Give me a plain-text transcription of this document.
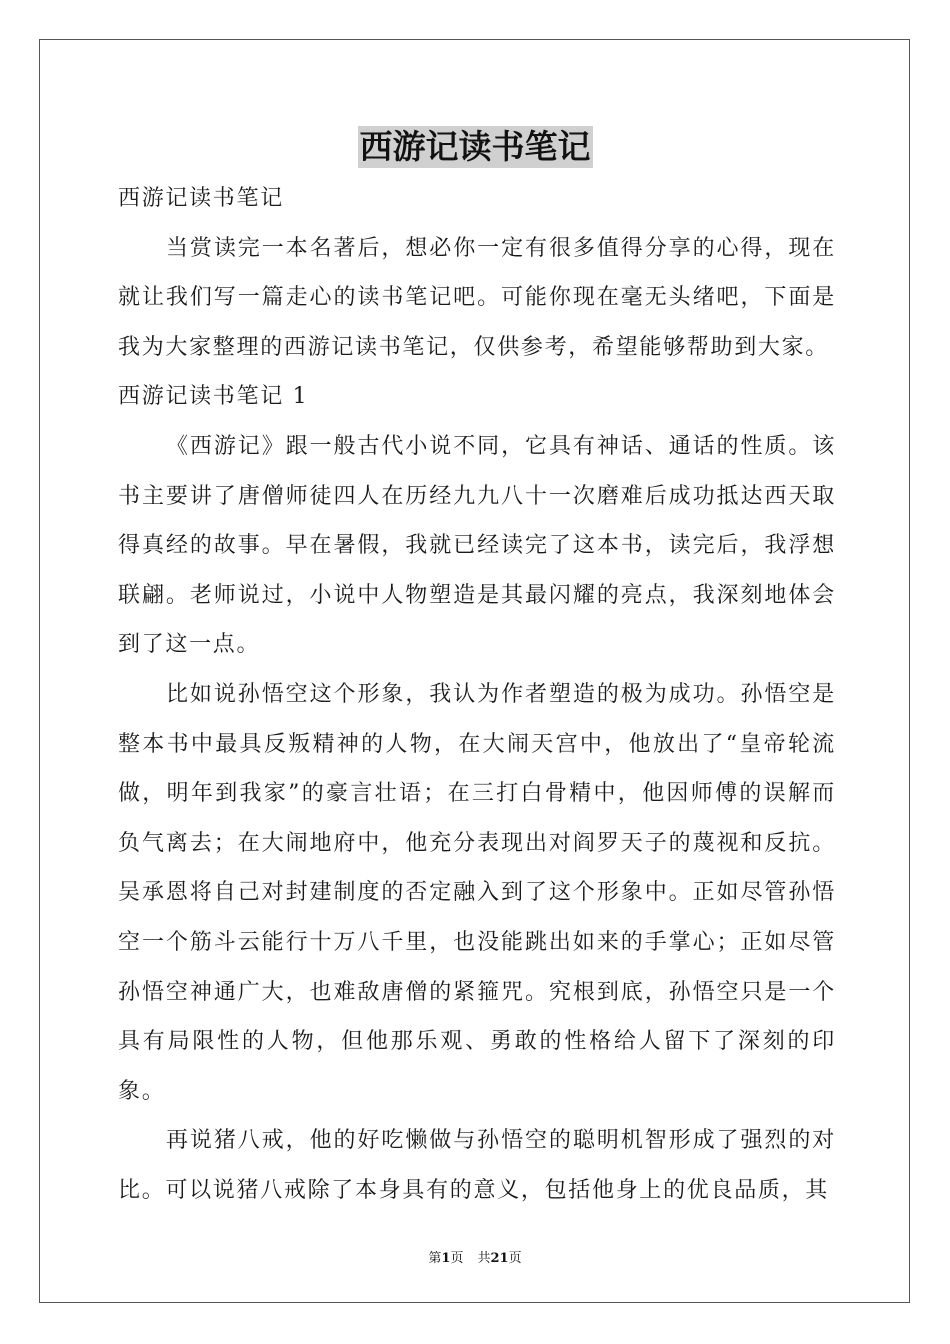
西游记读书笔记

西游记读书笔记

当赏读完一本名著后，想必你一定有很多值得分享的心得，现在就让我们写一篇走心的读书笔记吧。可能你现在毫无头绪吧，下面是我为大家整理的西游记读书笔记，仅供参考，希望能够帮助到大家。

西游记读书笔记 1

《西游记》跟一般古代小说不同，它具有神话、通话的性质。该书主要讲了唐僧师徒四人在历经九九八十一次磨难后成功抵达西天取得真经的故事。早在暑假，我就已经读完了这本书，读完后，我浮想联翩。老师说过，小说中人物塑造是其最闪耀的亮点，我深刻地体会到了这一点。

比如说孙悟空这个形象，我认为作者塑造的极为成功。孙悟空是整本书中最具反叛精神的人物，在大闹天宫中，他放出了“皇帝轮流做，明年到我家”的豪言壮语；在三打白骨精中，他因师傅的误解而负气离去；在大闹地府中，他充分表现出对阎罗天子的蔑视和反抗。吴承恩将自己对封建制度的否定融入到了这个形象中。正如尽管孙悟空一个筋斗云能行十万八千里，也没能跳出如来的手掌心；正如尽管孙悟空神通广大，也难敌唐僧的紧箍咒。究根到底，孙悟空只是一个具有局限性的人物，但他那乐观、勇敢的性格给人留下了深刻的印象。

再说猪八戒，他的好吃懒做与孙悟空的聪明机智形成了强烈的对比。可以说猪八戒除了本身具有的意义，包括他身上的优良品质，其

第1页 共21页
